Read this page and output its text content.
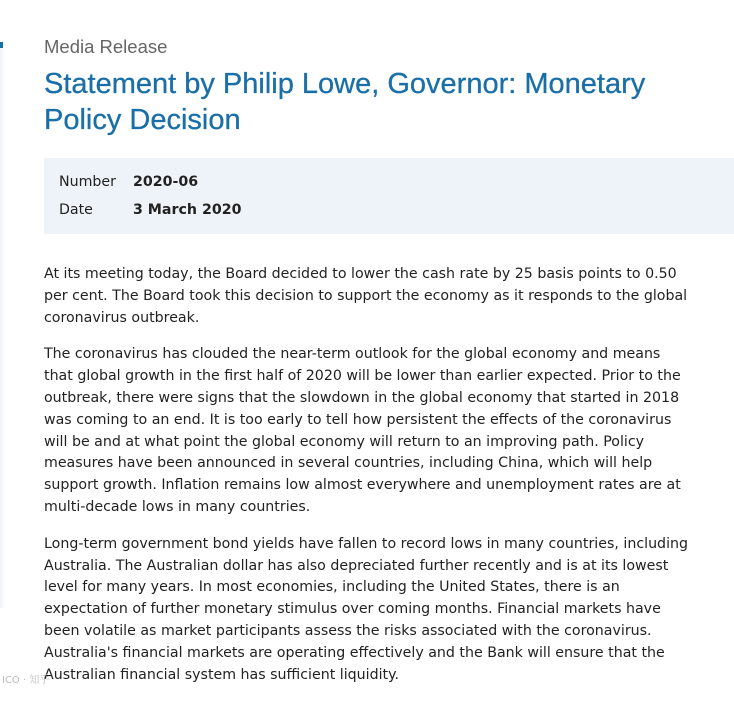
Media Release

Statement by Philip Lowe, Governor: Monetary Policy Decision
Number	2020-06
Date	3 March 2020

At its meeting today, the Board decided to lower the cash rate by 25 basis points to 0.50 per cent. The Board took this decision to support the economy as it responds to the global coronavirus outbreak.

The coronavirus has clouded the near-term outlook for the global economy and means that global growth in the first half of 2020 will be lower than earlier expected. Prior to the outbreak, there were signs that the slowdown in the global economy that started in 2018 was coming to an end. It is too early to tell how persistent the effects of the coronavirus will be and at what point the global economy will return to an improving path. Policy measures have been announced in several countries, including China, which will help support growth. Inflation remains low almost everywhere and unemployment rates are at multi-decade lows in many countries.

Long-term government bond yields have fallen to record lows in many countries, including Australia. The Australian dollar has also depreciated further recently and is at its lowest level for many years. In most economies, including the United States, there is an expectation of further monetary stimulus over coming months. Financial markets have been volatile as market participants assess the risks associated with the coronavirus. Australia's financial markets are operating effectively and the Bank will ensure that the Australian financial system has sufficient liquidity.

ICO · 知乎
